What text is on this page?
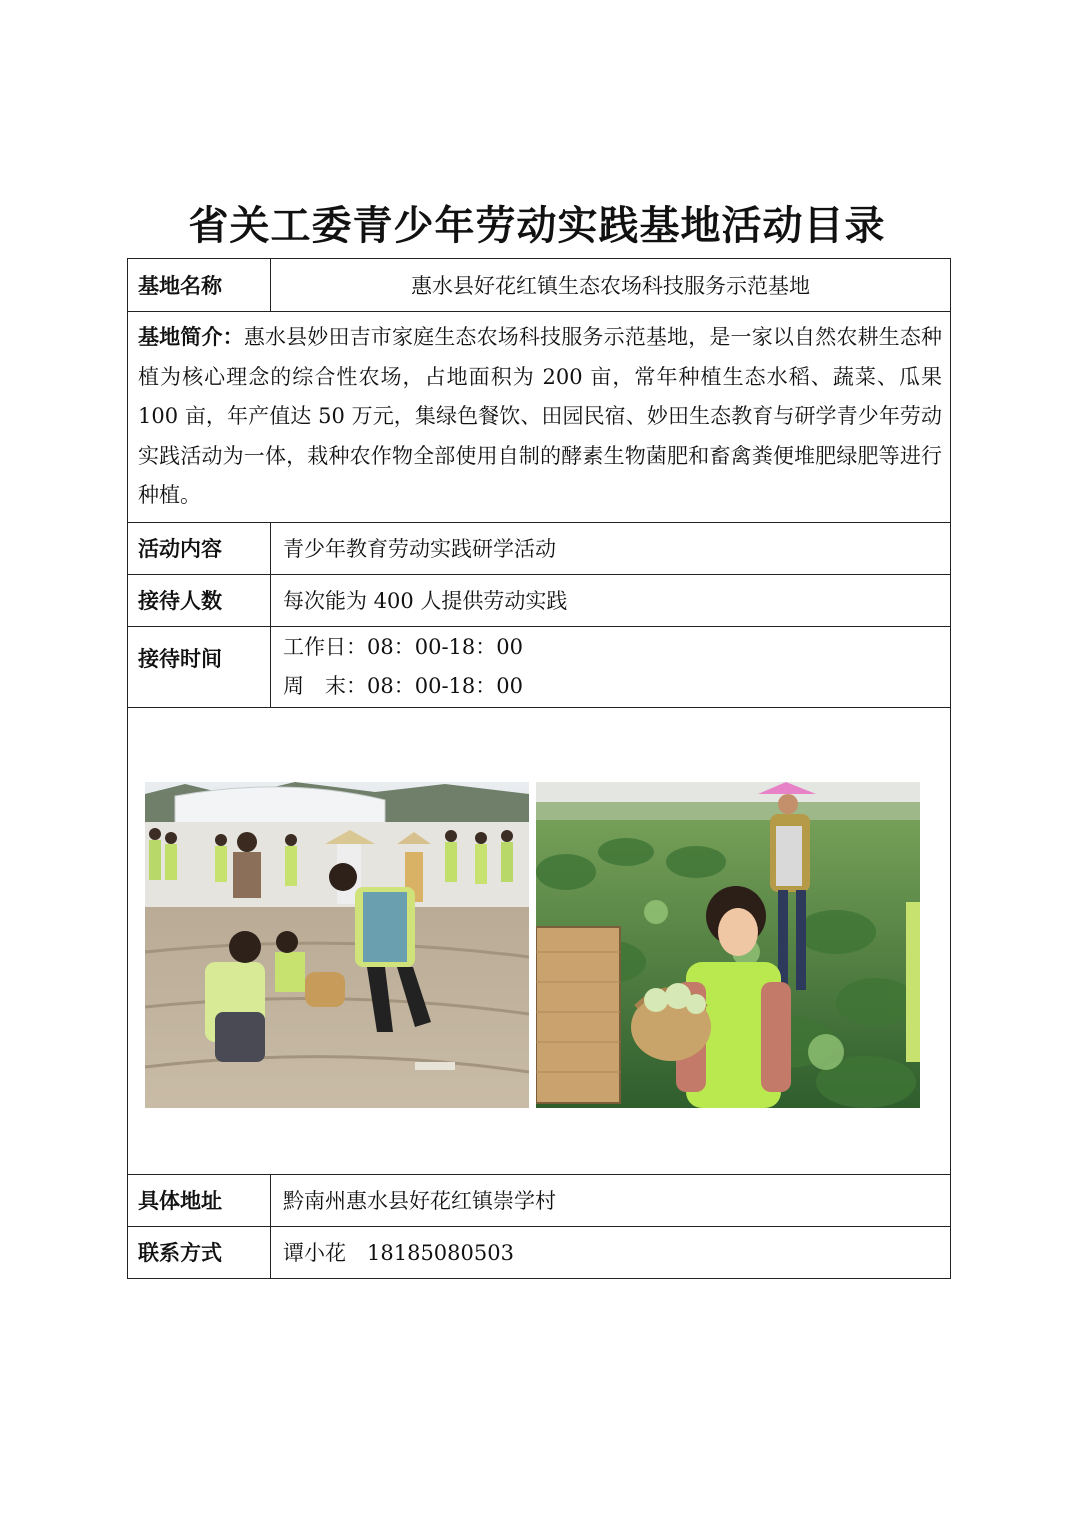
省关工委青少年劳动实践基地活动目录
基地名称	惠水县好花红镇生态农场科技服务示范基地
基地简介：惠水县妙田吉市家庭生态农场科技服务示范基地，是一家以自然农耕生态种植为核心理念的综合性农场，占地面积为 200 亩，常年种植生态水稻、蔬菜、瓜果 100 亩，年产值达 50 万元，集绿色餐饮、田园民宿、妙田生态教育与研学青少年劳动实践活动为一体，栽种农作物全部使用自制的酵素生物菌肥和畜禽粪便堆肥绿肥等进行种植。	
活动内容	青少年教育劳动实践研学活动
接待人数	每次能为 400 人提供劳动实践
接待时间	工作日：08：00-18：00
周　末：08：00-18：00

具体地址	黔南州惠水县好花红镇崇学村
联系方式	谭小花　18185080503
